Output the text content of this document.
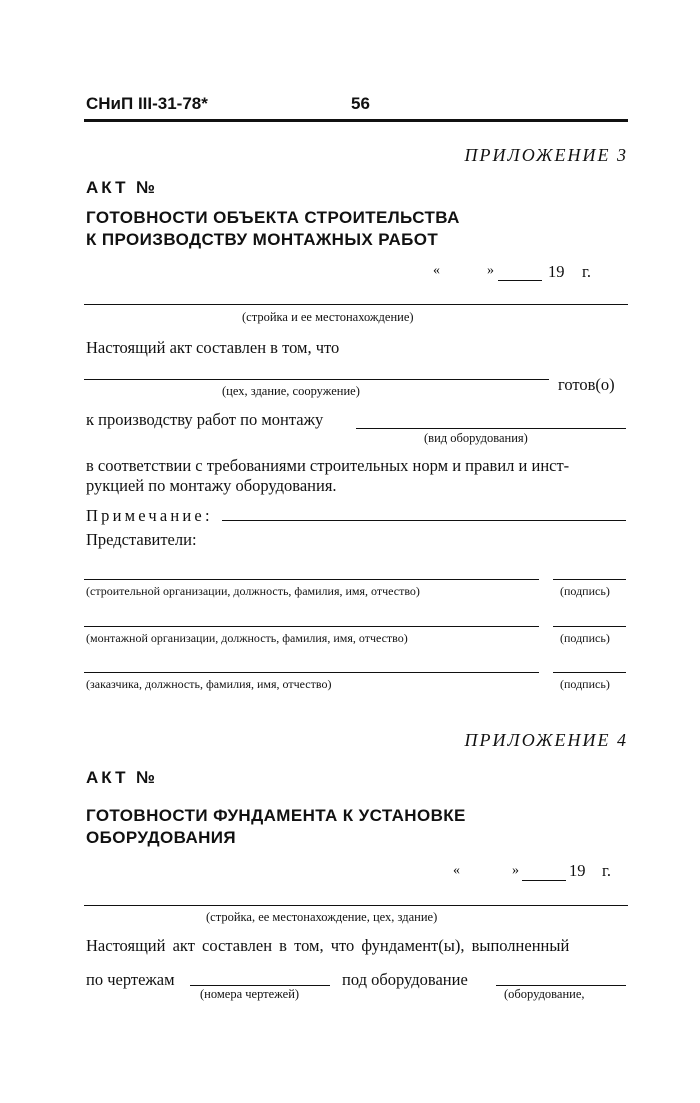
СНиП III-31-78*	56
ПРИЛОЖЕНИЕ 3
АКТ №
ГОТОВНОСТИ ОБЪЕКТА СТРОИТЕЛЬСТВА
К ПРОИЗВОДСТВУ МОНТАЖНЫХ РАБОТ
«	»	19 г.
(стройка и ее местонахождение)
Настоящий акт составлен в том, что
(цех, здание, сооружение)	готов(о)
к производству работ по монтажу
(вид оборудования)
в соответствии с требованиями строительных норм и правил и инст-
рукцией по монтажу оборудования.
Примечание:
Представители:
(строительной организации, должность, фамилия, имя, отчество)	(подпись)
(монтажной организации, должность, фамилия, имя, отчество)	(подпись)
(заказчика, должность, фамилия, имя, отчество)	(подпись)
ПРИЛОЖЕНИЕ 4
АКТ №
ГОТОВНОСТИ ФУНДАМЕНТА К УСТАНОВКЕ
ОБОРУДОВАНИЯ
«	»	19 г.
(стройка, ее местонахождение, цех, здание)
Настоящий акт составлен в том, что фундамент(ы), выполненный
по чертежам
(номера чертежей)
под оборудование
(оборудование,
